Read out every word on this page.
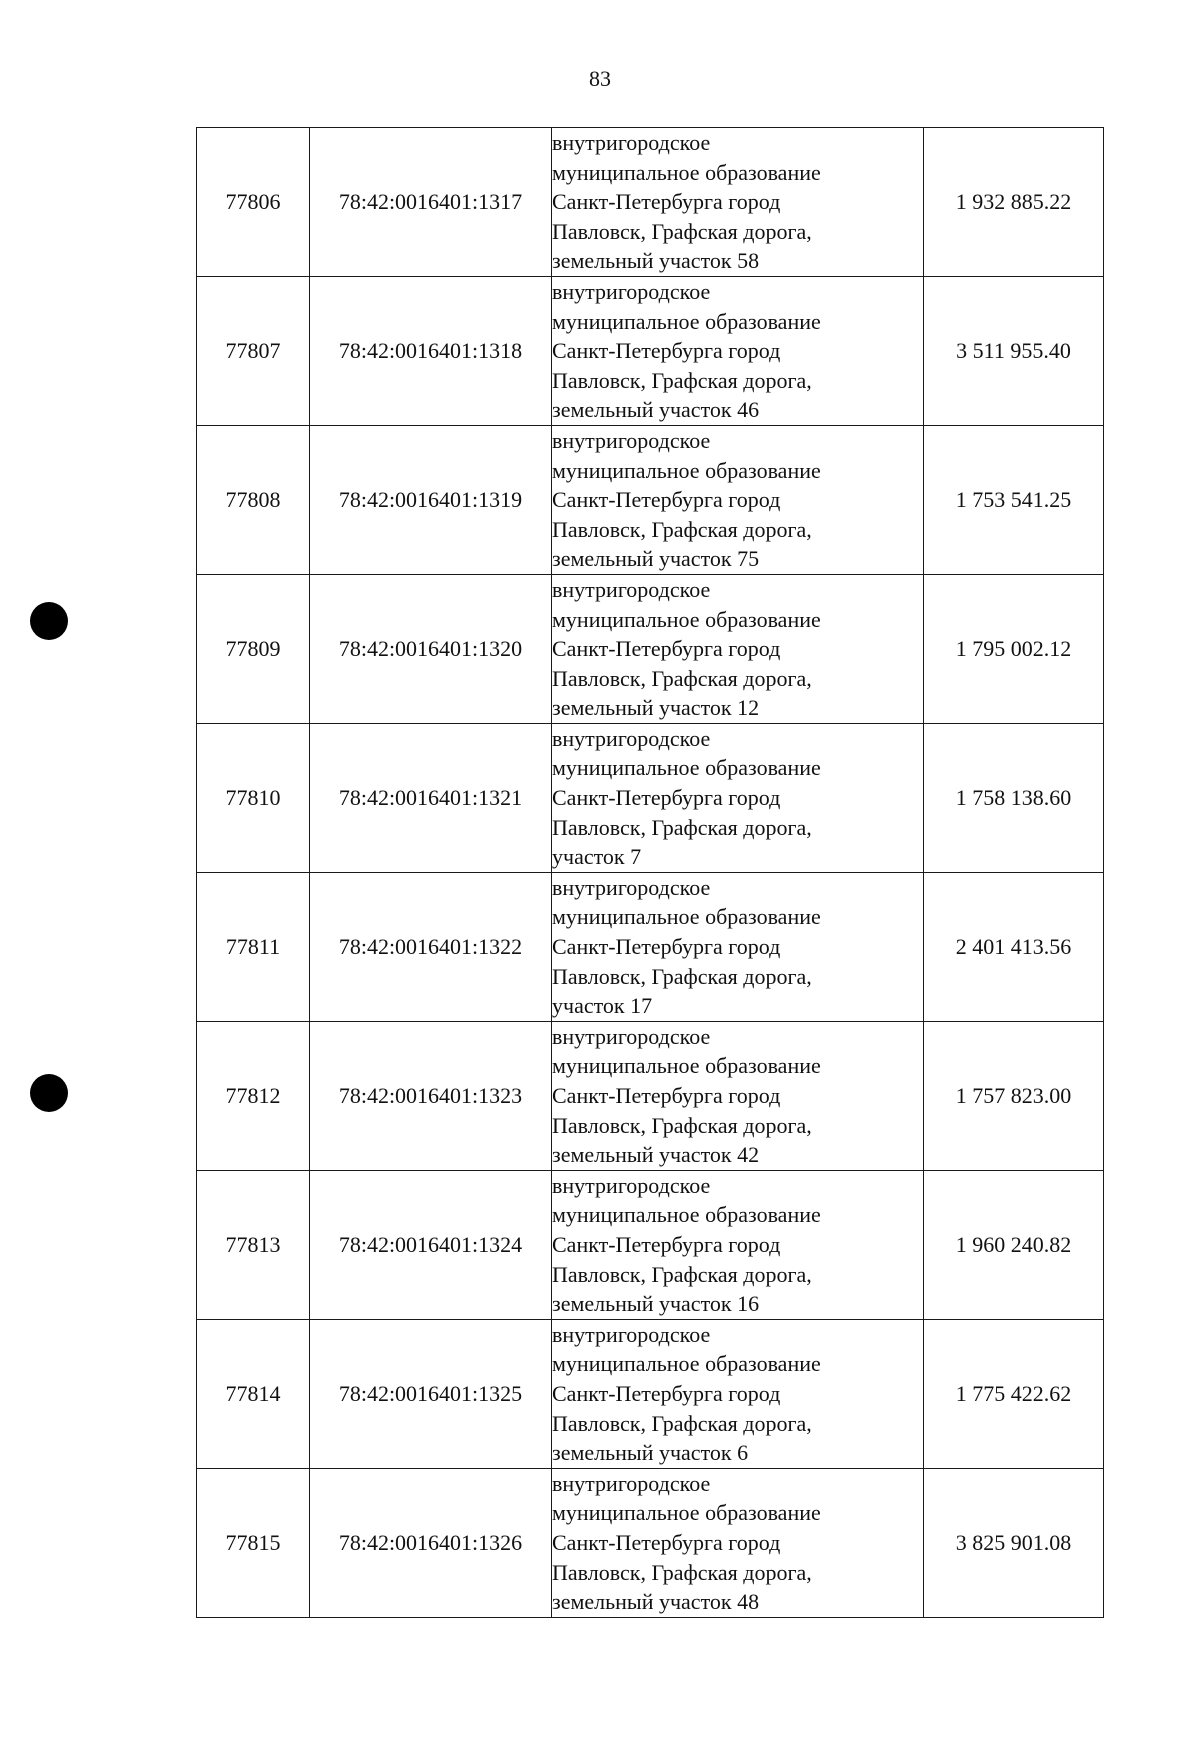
83
77806	78:42:0016401:1317	внутригородское
муниципальное образование
Санкт-Петербурга город
Павловск, Графская дорога,
земельный участок 58	1 932 885.22
77807	78:42:0016401:1318	внутригородское
муниципальное образование
Санкт-Петербурга город
Павловск, Графская дорога,
земельный участок 46	3 511 955.40
77808	78:42:0016401:1319	внутригородское
муниципальное образование
Санкт-Петербурга город
Павловск, Графская дорога,
земельный участок 75	1 753 541.25
77809	78:42:0016401:1320	внутригородское
муниципальное образование
Санкт-Петербурга город
Павловск, Графская дорога,
земельный участок 12	1 795 002.12
77810	78:42:0016401:1321	внутригородское
муниципальное образование
Санкт-Петербурга город
Павловск, Графская дорога,
участок 7	1 758 138.60
77811	78:42:0016401:1322	внутригородское
муниципальное образование
Санкт-Петербурга город
Павловск, Графская дорога,
участок 17	2 401 413.56
77812	78:42:0016401:1323	внутригородское
муниципальное образование
Санкт-Петербурга город
Павловск, Графская дорога,
земельный участок 42	1 757 823.00
77813	78:42:0016401:1324	внутригородское
муниципальное образование
Санкт-Петербурга город
Павловск, Графская дорога,
земельный участок 16	1 960 240.82
77814	78:42:0016401:1325	внутригородское
муниципальное образование
Санкт-Петербурга город
Павловск, Графская дорога,
земельный участок 6	1 775 422.62
77815	78:42:0016401:1326	внутригородское
муниципальное образование
Санкт-Петербурга город
Павловск, Графская дорога,
земельный участок 48	3 825 901.08
